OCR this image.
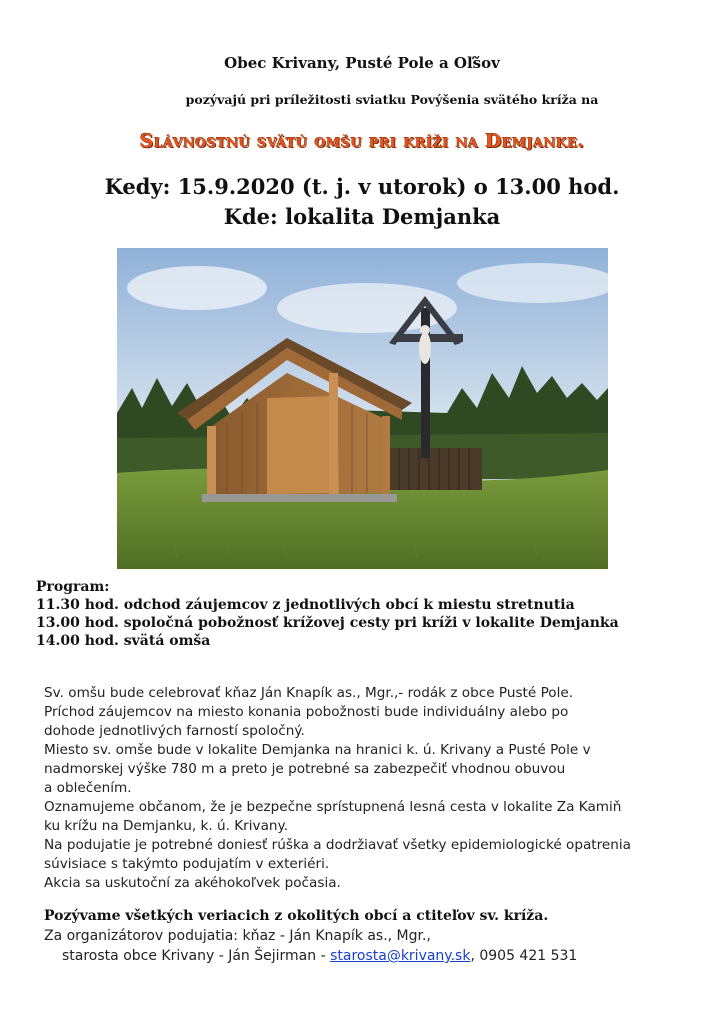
Obec Krivany, Pusté Pole a Oľšov
pozývajú pri príležitosti sviatku Povýšenia svätého kríža na
Slávnostnú svätú omšu pri kríži na Demjanke.
Kedy: 15.9.2020 (t. j. v utorok) o 13.00 hod.
Kde: lokalita Demjanka
Program:
11.30 hod. odchod záujemcov z jednotlivých obcí k miestu stretnutia
13.00 hod. spoločná pobožnosť krížovej cesty pri kríži v lokalite Demjanka
14.00 hod. svätá omša
Sv. omšu bude celebrovať kňaz Ján Knapík as., Mgr.,- rodák z obce Pusté Pole.
Príchod záujemcov na miesto konania pobožnosti bude individuálny alebo po
dohode jednotlivých farností spoločný.
Miesto sv. omše bude v lokalite Demjanka na hranici k. ú. Krivany a Pusté Pole v
nadmorskej výške 780 m a preto je potrebné sa zabezpečiť vhodnou obuvou
a oblečením.
Oznamujeme občanom, že je bezpečne sprístupnená lesná cesta v lokalite Za Kamiň
ku krížu na Demjanku, k. ú. Krivany.
Na podujatie je potrebné doniesť rúška a dodržiavať všetky epidemiologické opatrenia
súvisiace s takýmto podujatím v exteriéri.
Akcia sa uskutoční za akéhokoľvek počasia.
Pozývame všetkých veriacich z okolitých obcí a ctiteľov sv. kríža.
Za organizátorov podujatia: kňaz - Ján Knapík as., Mgr.,
starosta obce Krivany - Ján Šejirman - starosta@krivany.sk, 0905 421 531
